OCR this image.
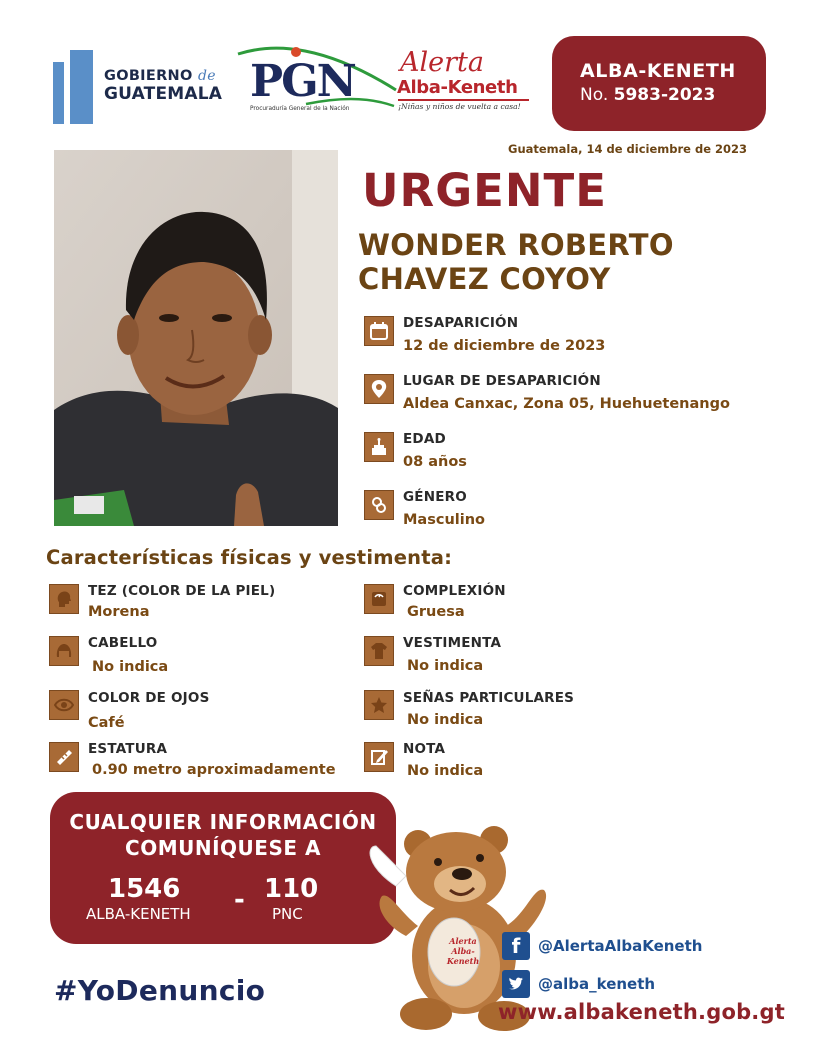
GOBIERNO de
GUATEMALA PGN
Procuraduría General de la Nación
Alerta
Alba-Keneth
¡Niñas y niños de vuelta a casa!
ALBA-KENETH
No. 5983-2023
Guatemala, 14 de diciembre de 2023
URGENTE
WONDER ROBERTO
CHAVEZ COYOY
DESAPARICIÓN
12 de diciembre de 2023
LUGAR DE DESAPARICIÓN
Aldea Canxac, Zona 05, Huehuetenango
EDAD
08 años
GÉNERO
Masculino
Características físicas y vestimenta:
TEZ (COLOR DE LA PIEL)
Morena
CABELLO
No indica
COLOR DE OJOS
Café
ESTATURA
0.90 metro aproximadamente
COMPLEXIÓN
Gruesa
VESTIMENTA
No indica
SEÑAS PARTICULARES
No indica
NOTA
No indica
CUALQUIER INFORMACIÓN
COMUNÍQUESE A
1546
ALBA-KENETH - 110
PNC
#YoDenuncio
Alerta Alba-Keneth
f	@AlertaAlbaKeneth
@alba_keneth
www.albakeneth.gob.gt
